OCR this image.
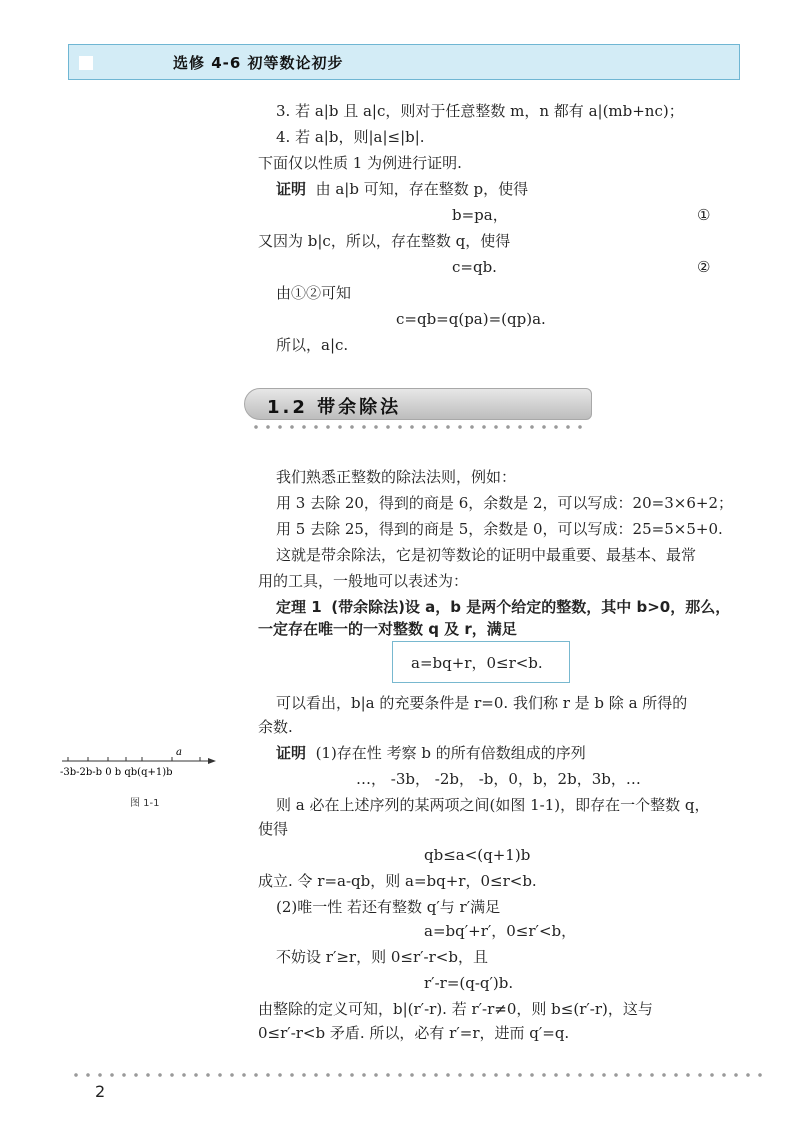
选修 4-6 初等数论初步
3. 若 a|b 且 a|c，则对于任意整数 m，n 都有 a|(mb+nc)；
4. 若 a|b，则|a|≤|b|.
下面仅以性质 1 为例进行证明.
证明 由 a|b 可知，存在整数 p，使得
b=pa，	①
又因为 b|c，所以，存在整数 q，使得
c=qb.	②
由①②可知
c=qb=q(pa)=(qp)a.
所以，a|c.
1.2 带余除法
我们熟悉正整数的除法法则，例如：
用 3 去除 20，得到的商是 6，余数是 2，可以写成：20=3×6+2；
用 5 去除 25，得到的商是 5，余数是 0，可以写成：25=5×5+0.
这就是带余除法，它是初等数论的证明中最重要、最基本、最常
用的工具，一般地可以表述为：
定理 1 (带余除法)设 a，b 是两个给定的整数，其中 b>0，那么，
一定存在唯一的一对整数 q 及 r，满足
a=bq+r，0≤r<b.
可以看出，b|a 的充要条件是 r=0. 我们称 r 是 b 除 a 所得的
余数.
证明 (1)存在性 考察 b 的所有倍数组成的序列
…， -3b， -2b， -b，0，b，2b，3b，…
则 a 必在上述序列的某两项之间(如图 1-1)，即存在一个整数 q，
使得
qb≤a<(q+1)b
成立. 令 r=a-qb，则 a=bq+r，0≤r<b.
(2)唯一性 若还有整数 q′与 r′满足
a=bq′+r′，0≤r′<b，
不妨设 r′≥r，则 0≤r′-r<b，且
r′-r=(q-q′)b.
由整除的定义可知，b|(r′-r). 若 r′-r≠0，则 b≤(r′-r)，这与
0≤r′-r<b 矛盾. 所以，必有 r′=r，进而 q′=q.
a
-3b-2b-b 0 b qb(q+1)b
图 1-1
2
